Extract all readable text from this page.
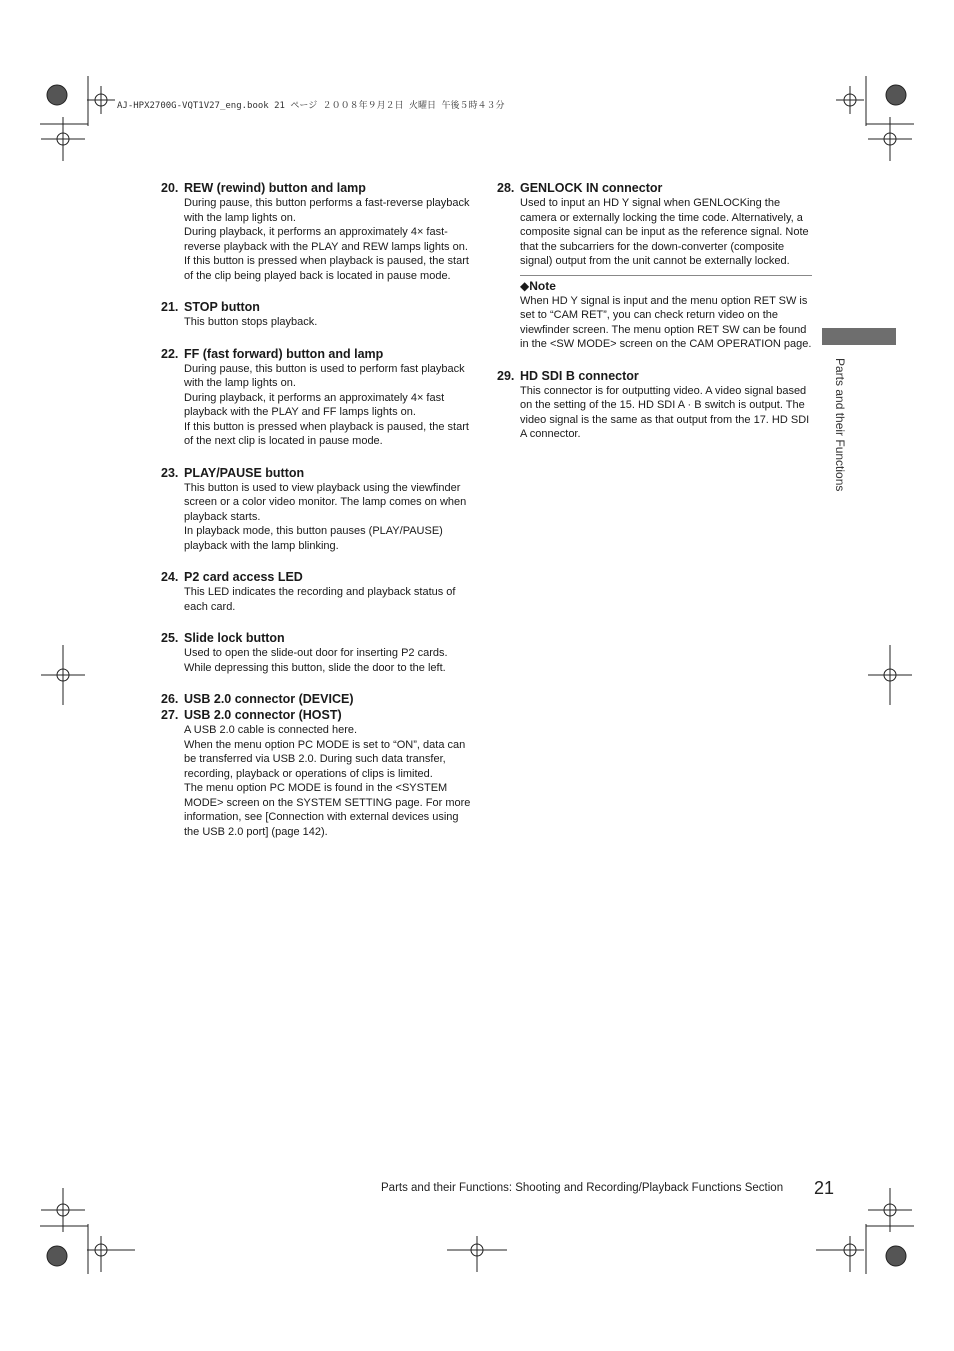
AJ-HPX2700G-VQT1V27_eng.book 21 ページ ２００８年９月２日 火曜日 午後５時４３分
20. REW (rewind) button and lamp

During pause, this button performs a fast-reverse playback with the lamp lights on.

During playback, it performs an approximately 4× fast-reverse playback with the PLAY and REW lamps lights on.

If this button is pressed when playback is paused, the start of the clip being played back is located in pause mode.

21. STOP button

This button stops playback.

22. FF (fast forward) button and lamp

During pause, this button is used to perform fast playback with the lamp lights on.

During playback, it performs an approximately 4× fast playback with the PLAY and FF lamps lights on.

If this button is pressed when playback is paused, the start of the next clip is located in pause mode.

23. PLAY/PAUSE button

This button is used to view playback using the viewfinder screen or a color video monitor. The lamp comes on when playback starts.

In playback mode, this button pauses (PLAY/PAUSE) playback with the lamp blinking.

24. P2 card access LED

This LED indicates the recording and playback status of each card.

25. Slide lock button

Used to open the slide-out door for inserting P2 cards. While depressing this button, slide the door to the left.

26. USB 2.0 connector (DEVICE)
27. USB 2.0 connector (HOST)

A USB 2.0 cable is connected here.

When the menu option PC MODE is set to “ON”, data can be transferred via USB 2.0. During such data transfer, recording, playback or operations of clips is limited.

The menu option PC MODE is found in the <SYSTEM MODE> screen on the SYSTEM SETTING page. For more information, see [Connection with external devices using the USB 2.0 port] (page 142).

28. GENLOCK IN connector

Used to input an HD Y signal when GENLOCKing the camera or externally locking the time code. Alternatively, a composite signal can be input as the reference signal. Note that the subcarriers for the down-converter (composite signal) output from the unit cannot be externally locked.

◆Note

When HD Y signal is input and the menu option RET SW is set to “CAM RET”, you can check return video on the viewfinder screen. The menu option RET SW can be found in the <SW MODE> screen on the CAM OPERATION page.

29. HD SDI B connector

This connector is for outputting video. A video signal based on the setting of the 15. HD SDI A · B switch is output. The video signal is the same as that output from the 17. HD SDI A connector.	Parts and their Functions
Parts and their Functions: Shooting and Recording/Playback Functions Section 21
